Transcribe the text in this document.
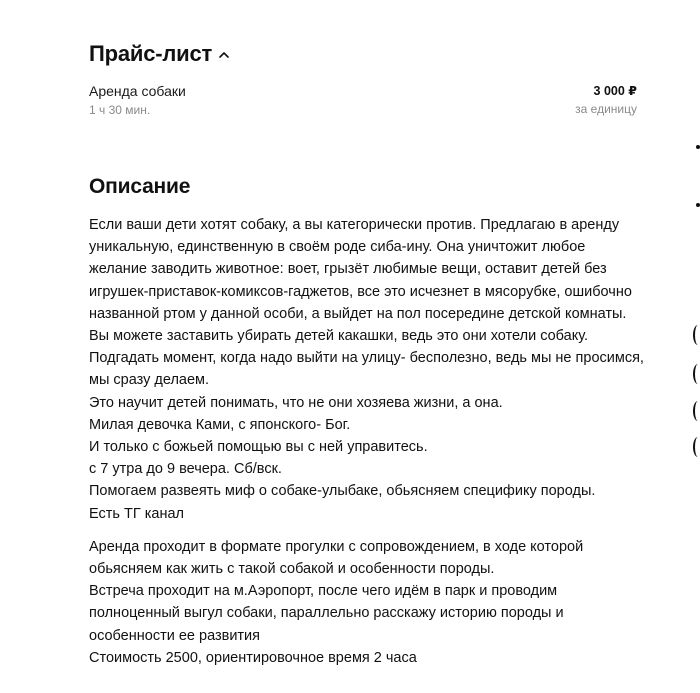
Прайс-лист
Аренда собаки
1 ч 30 мин.
3 000 ₽
за единицу
Описание
Если ваши дети хотят собаку, а вы категорически против. Предлагаю в аренду
уникальную, единственную в своём роде сиба-ину. Она уничтожит любое
желание заводить животное: воет, грызёт любимые вещи, оставит детей без
игрушек-приставок-комиксов-гаджетов, все это исчезнет в мясорубке, ошибочно
названной ртом у данной особи, а выйдет на пол посередине детской комнаты.
Вы можете заставить убирать детей какашки, ведь это они хотели собаку.
Подгадать момент, когда надо выйти на улицу- бесполезно, ведь мы не просимся,
мы сразу делаем.
Это научит детей понимать, что не они хозяева жизни, а она.
Милая девочка Ками, с японского- Бог.
И только с божьей помощью вы с ней управитесь.
с 7 утра до 9 вечера. Сб/вск.
Помогаем развеять миф о собаке-улыбаке, обьясняем специфику породы.
Есть ТГ канал
Аренда проходит в формате прогулки с сопровождением, в ходе которой
обьясняем как жить с такой собакой и особенности породы.
Встреча проходит на м.Аэропорт, после чего идём в парк и проводим
полноценный выгул собаки, параллельно расскажу историю породы и
особенности ее развития
Стоимость 2500, ориентировочное время 2 часа
